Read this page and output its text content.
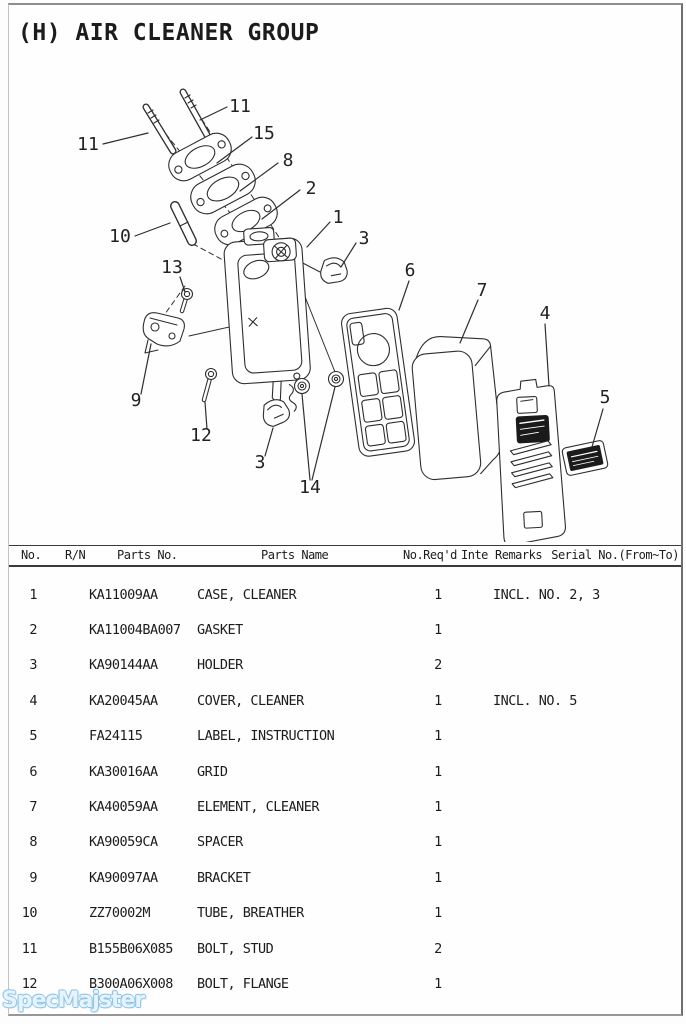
(H) AIR CLEANER GROUP
11
11
15
8
2
1
3
10
13
9
12
3
14
6
7
4
5
No. R/N	Parts No.	Parts Name	No.Req'd Inte Remarks Serial No.(From~To)
1	KA11009AA	CASE, CLEANER	1	INCL. NO. 2, 3
2	KA11004BA007	GASKET	1
3	KA90144AA	HOLDER	2
4	KA20045AA	COVER, CLEANER	1	INCL. NO. 5
5	FA24115	LABEL, INSTRUCTION	1
6	KA30016AA	GRID	1
7	KA40059AA	ELEMENT, CLEANER	1
8	KA90059CA	SPACER	1
9	KA90097AA	BRACKET	1
10	ZZ70002M	TUBE, BREATHER	1
11	B155B06X085	BOLT, STUD	2
12	B300A06X008	BOLT, FLANGE	1
SpecMajster
